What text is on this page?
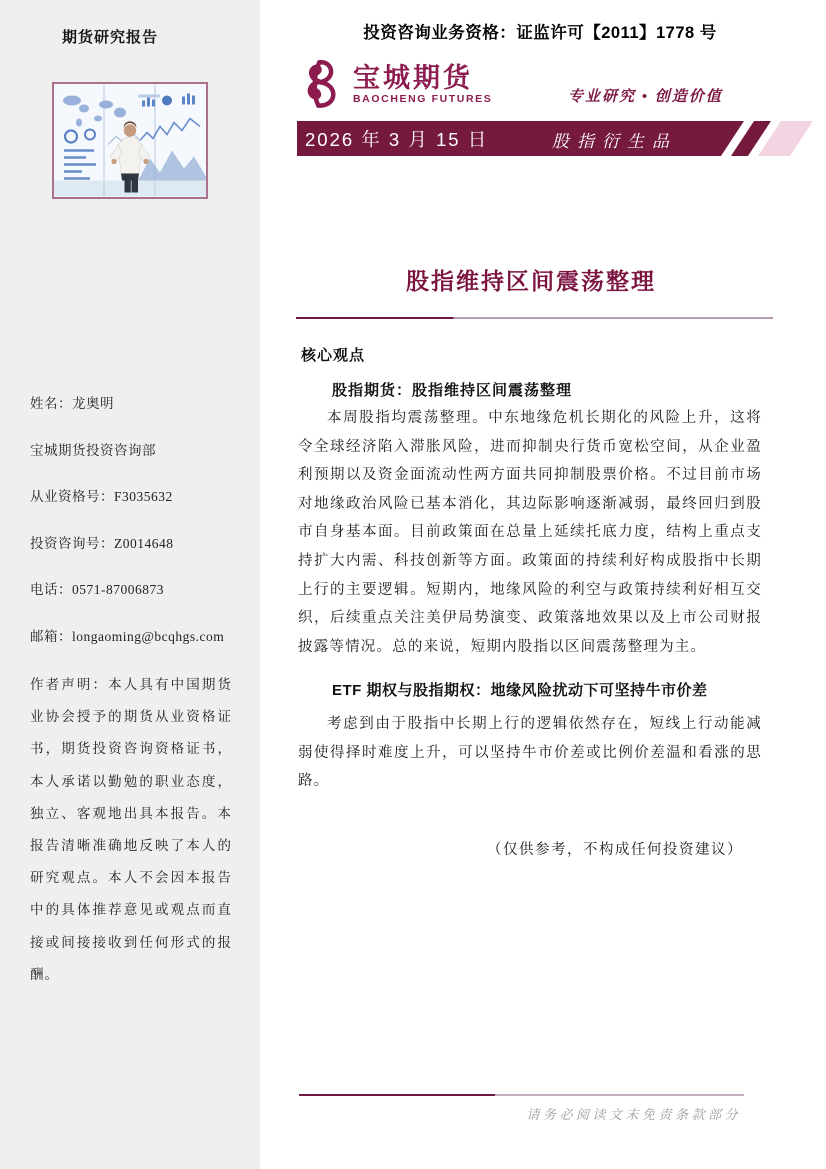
期货研究报告
姓名：龙奥明
宝城期货投资咨询部
从业资格号：F3035632
投资咨询号：Z0014648
电话：0571-87006873
邮箱：longaoming@bcqhgs.com
作者声明：本人具有中国期货业协会授予的期货从业资格证书，期货投资咨询资格证书，本人承诺以勤勉的职业态度，独立、客观地出具本报告。本报告清晰准确地反映了本人的研究观点。本人不会因本报告中的具体推荐意见或观点而直接或间接接收到任何形式的报酬。
投资咨询业务资格：证监许可【2011】1778 号
宝城期货
BAOCHENG FUTURES	专业研究 • 创造价值
2026 年 3 月 15 日	股指衍生品
股指维持区间震荡整理
核心观点
股指期货：股指维持区间震荡整理
本周股指均震荡整理。中东地缘危机长期化的风险上升，这将令全球经济陷入滞胀风险，进而抑制央行货币宽松空间，从企业盈利预期以及资金面流动性两方面共同抑制股票价格。不过目前市场对地缘政治风险已基本消化，其边际影响逐渐减弱，最终回归到股市自身基本面。目前政策面在总量上延续托底力度，结构上重点支持扩大内需、科技创新等方面。政策面的持续利好构成股指中长期上行的主要逻辑。短期内，地缘风险的利空与政策持续利好相互交织，后续重点关注美伊局势演变、政策落地效果以及上市公司财报披露等情况。总的来说，短期内股指以区间震荡整理为主。
ETF 期权与股指期权：地缘风险扰动下可坚持牛市价差
考虑到由于股指中长期上行的逻辑依然存在，短线上行动能减弱使得择时难度上升，可以坚持牛市价差或比例价差温和看涨的思路。
（仅供参考，不构成任何投资建议）
请务必阅读文末免责条款部分
